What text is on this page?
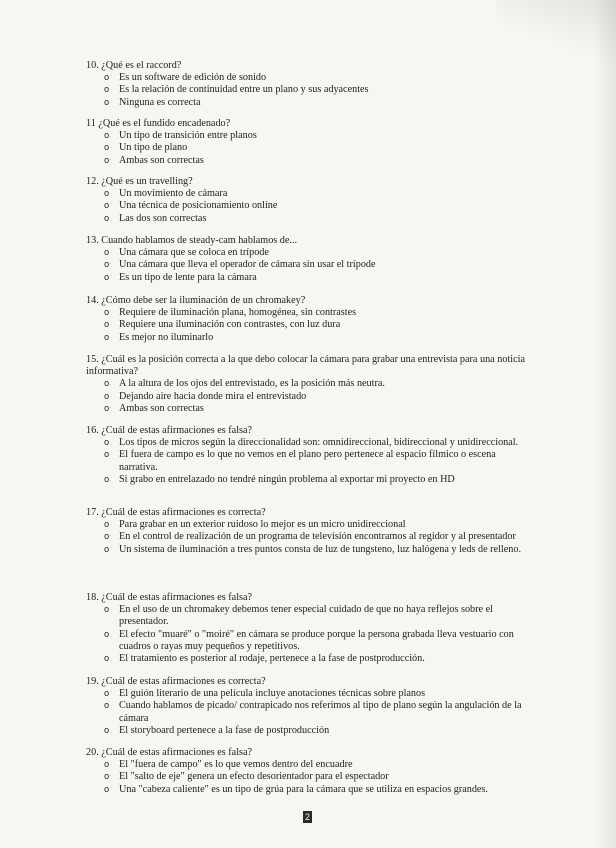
10. ¿Qué es el raccord?

o Es un software de edición de sonido
o Es la relación de continuidad entre un plano y sus adyacentes
o Ninguna es correcta

11 ¿Qué es el fundido encadenado?

o Un tipo de transición entre planos
o Un tipo de plano
o Ambas son correctas

12. ¿Qué es un travelling?

o Un movimiento de cámara
o Una técnica de posicionamiento online
o Las dos son correctas

13. Cuando hablamos de steady-cam hablamos de...

o Una cámara que se coloca en trípode
o Una cámara que lleva el operador de cámara sin usar el trípode
o Es un tipo de lente para la cámara

14. ¿Cómo debe ser la iluminación de un chromakey?

o Requiere de iluminación plana, homogénea, sin contrastes
o Requiere una iluminación con contrastes, con luz dura
o Es mejor no iluminarlo

15. ¿Cuál es la posición correcta a la que debo colocar la cámara para grabar una entrevista para una noticia informativa?

o A la altura de los ojos del entrevistado, es la posición más neutra.
o Dejando aire hacia donde mira el entrevistado
o Ambas son correctas

16. ¿Cuál de estas afirmaciones es falsa?

o Los tipos de micros según la direccionalidad son: omnidireccional, bidireccional y unidireccional.
o El fuera de campo es lo que no vemos en el plano pero pertenece al espacio fílmico o escena narrativa.
o Si grabo en entrelazado no tendré ningún problema al exportar mi proyecto en HD

17. ¿Cuál de estas afirmaciones es correcta?

o Para grabar en un exterior ruidoso lo mejor es un micro unidireccional
o En el control de realización de un programa de televisión encontramos al regidor y al presentador
o Un sistema de iluminación a tres puntos consta de luz de tungsteno, luz halógena y leds de relleno.

18. ¿Cuál de estas afirmaciones es falsa?

o En el uso de un chromakey debemos tener especial cuidado de que no haya reflejos sobre el presentador.
o El efecto "muaré" o "moiré" en cámara se produce porque la persona grabada lleva vestuario con cuadros o rayas muy pequeños y repetitivos.
o El tratamiento es posterior al rodaje, pertenece a la fase de postproducción.

19. ¿Cuál de estas afirmaciones es correcta?

o El guión literario de una película incluye anotaciones técnicas sobre planos
o Cuando hablamos de picado/ contrapicado nos referimos al tipo de plano según la angulación de la cámara
o El storyboard pertenece a la fase de postproducción

20. ¿Cuál de estas afirmaciones es falsa?

o El "fuera de campo" es lo que vemos dentro del encuadre
o El "salto de eje" genera un efecto desorientador para el espectador
o Una "cabeza caliente" es un tipo de grúa para la cámara que se utiliza en espacios grandes.
2
